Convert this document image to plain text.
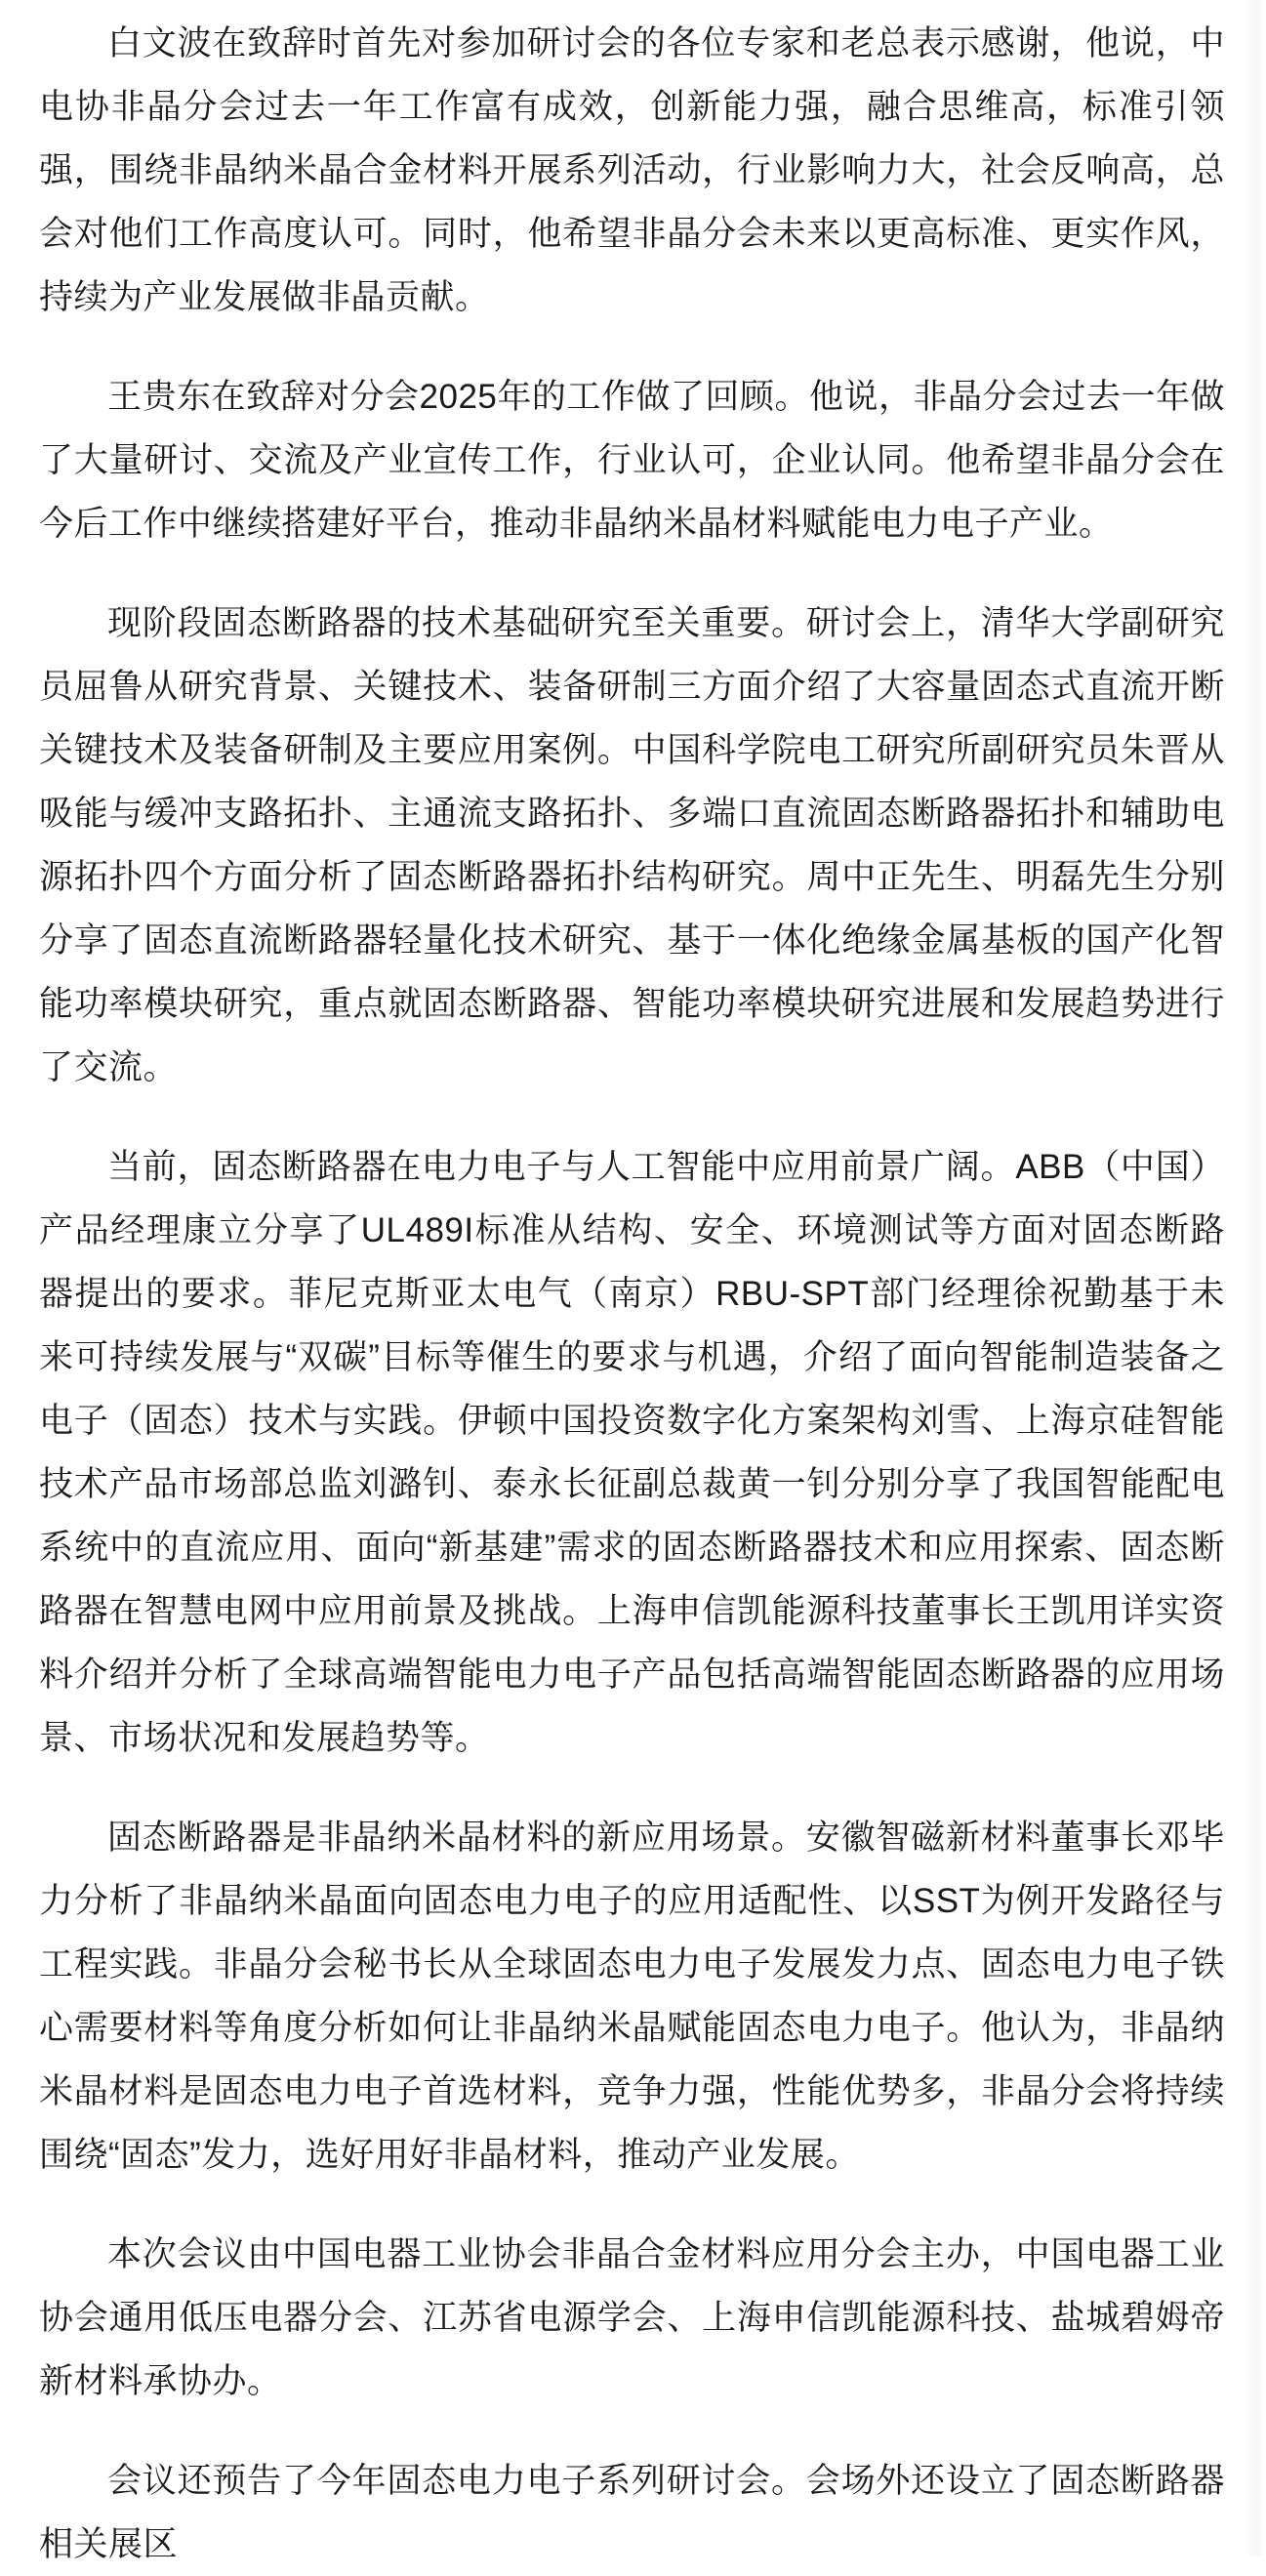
白文波在致辞时首先对参加研讨会的各位专家和老总表示感谢，他说，中电协非晶分会过去一年工作富有成效，创新能力强，融合思维高，标准引领强，围绕非晶纳米晶合金材料开展系列活动，行业影响力大，社会反响高，总会对他们工作高度认可。同时，他希望非晶分会未来以更高标准、更实作风，持续为产业发展做非晶贡献。

王贵东在致辞对分会2025年的工作做了回顾。他说，非晶分会过去一年做了大量研讨、交流及产业宣传工作，行业认可，企业认同。他希望非晶分会在今后工作中继续搭建好平台，推动非晶纳米晶材料赋能电力电子产业。

现阶段固态断路器的技术基础研究至关重要。研讨会上，清华大学副研究员屈鲁从研究背景、关键技术、装备研制三方面介绍了大容量固态式直流开断关键技术及装备研制及主要应用案例。中国科学院电工研究所副研究员朱晋从吸能与缓冲支路拓扑、主通流支路拓扑、多端口直流固态断路器拓扑和辅助电源拓扑四个方面分析了固态断路器拓扑结构研究。周中正先生、明磊先生分别分享了固态直流断路器轻量化技术研究、基于一体化绝缘金属基板的国产化智能功率模块研究，重点就固态断路器、智能功率模块研究进展和发展趋势进行了交流。

当前，固态断路器在电力电子与人工智能中应用前景广阔。ABB（中国）产品经理康立分享了UL489I标准从结构、安全、环境测试等方面对固态断路器提出的要求。菲尼克斯亚太电气（南京）RBU-SPT部门经理徐祝勤基于未来可持续发展与“双碳”目标等催生的要求与机遇，介绍了面向智能制造装备之电子（固态）技术与实践。伊顿中国投资数字化方案架构刘雪、上海京硅智能技术产品市场部总监刘潞钊、泰永长征副总裁黄一钊分别分享了我国智能配电系统中的直流应用、面向“新基建”需求的固态断路器技术和应用探索、固态断路器在智慧电网中应用前景及挑战。上海申信凯能源科技董事长王凯用详实资料介绍并分析了全球高端智能电力电子产品包括高端智能固态断路器的应用场景、市场状况和发展趋势等。

固态断路器是非晶纳米晶材料的新应用场景。安徽智磁新材料董事长邓毕力分析了非晶纳米晶面向固态电力电子的应用适配性、以SST为例开发路径与工程实践。非晶分会秘书长从全球固态电力电子发展发力点、固态电力电子铁心需要材料等角度分析如何让非晶纳米晶赋能固态电力电子。他认为，非晶纳米晶材料是固态电力电子首选材料，竞争力强，性能优势多，非晶分会将持续围绕“固态”发力，选好用好非晶材料，推动产业发展。

本次会议由中国电器工业协会非晶合金材料应用分会主办，中国电器工业协会通用低压电器分会、江苏省电源学会、上海申信凯能源科技、盐城碧姆帝新材料承协办。

会议还预告了今年固态电力电子系列研讨会。会场外还设立了固态断路器相关展区
